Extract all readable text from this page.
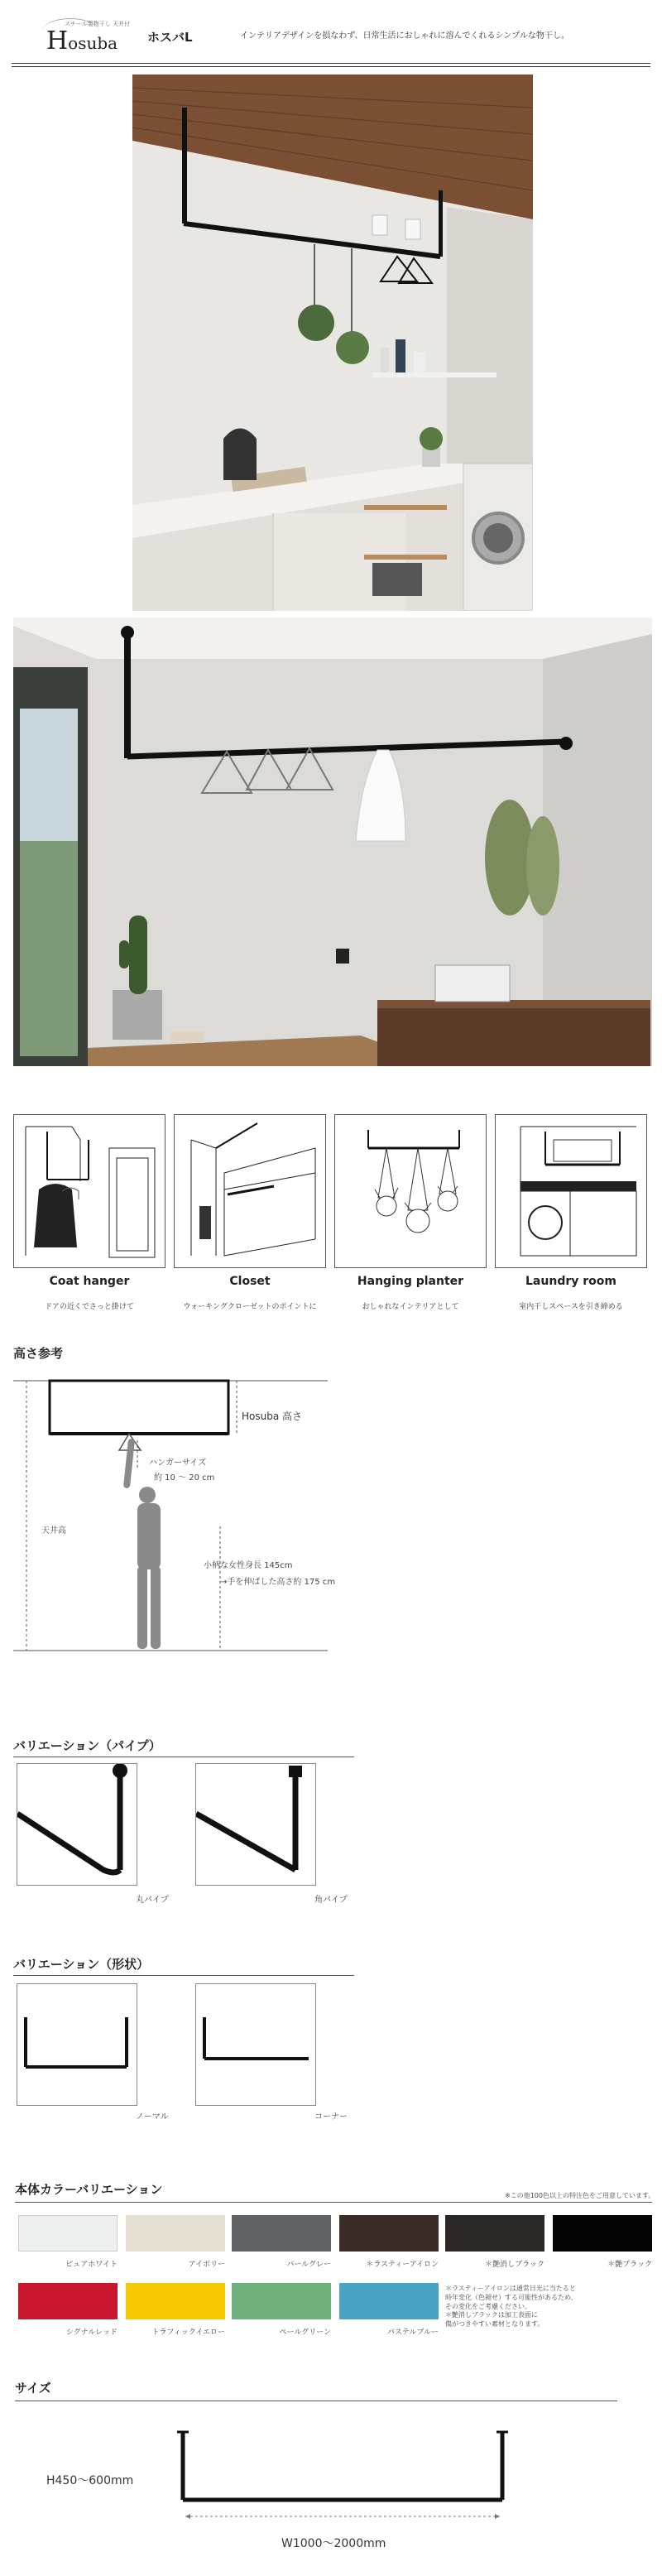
スチール製物干し 天井付
Hosuba ホスバL	インテリアデザインを損なわず、日常生活におしゃれに溶んでくれるシンプルな物干し。
Coat hanger
ドアの近くでさっと掛けて
Closet
ウォーキングクローゼットのポイントに
Hanging planter
おしゃれなインテリアとして
Laundry room
室内干しスペースを引き締める
高さ参考
Hosuba 高さ
ハンガーサイズ
約 10 ～ 20 cm
天井高
小柄な女性身長 145cm
→手を伸ばした高さ約 175 cm
バリエーション（パイプ）
丸パイプ	角パイプ
バリエーション（形状）
ノーマル	コーナー
本体カラーバリエーション	※この他100色以上の特注色をご用意しています。
ピュアホワイト	アイボリー	パールグレー	＊ラスティーアイロン	＊艶消しブラック	＊艶ブラック
シグナルレッド	トラフィックイエロー	ペールグリーン	パステルブルー
＊ラスティーアイロンは通常日光に当たると
時年変化（色褪せ）する可能性があるため、
その変化をご考慮ください。
＊艶消しブラックは加工表面に
傷がつきやすい素材となります。
サイズ
H450～600mm
W1000～2000mm
